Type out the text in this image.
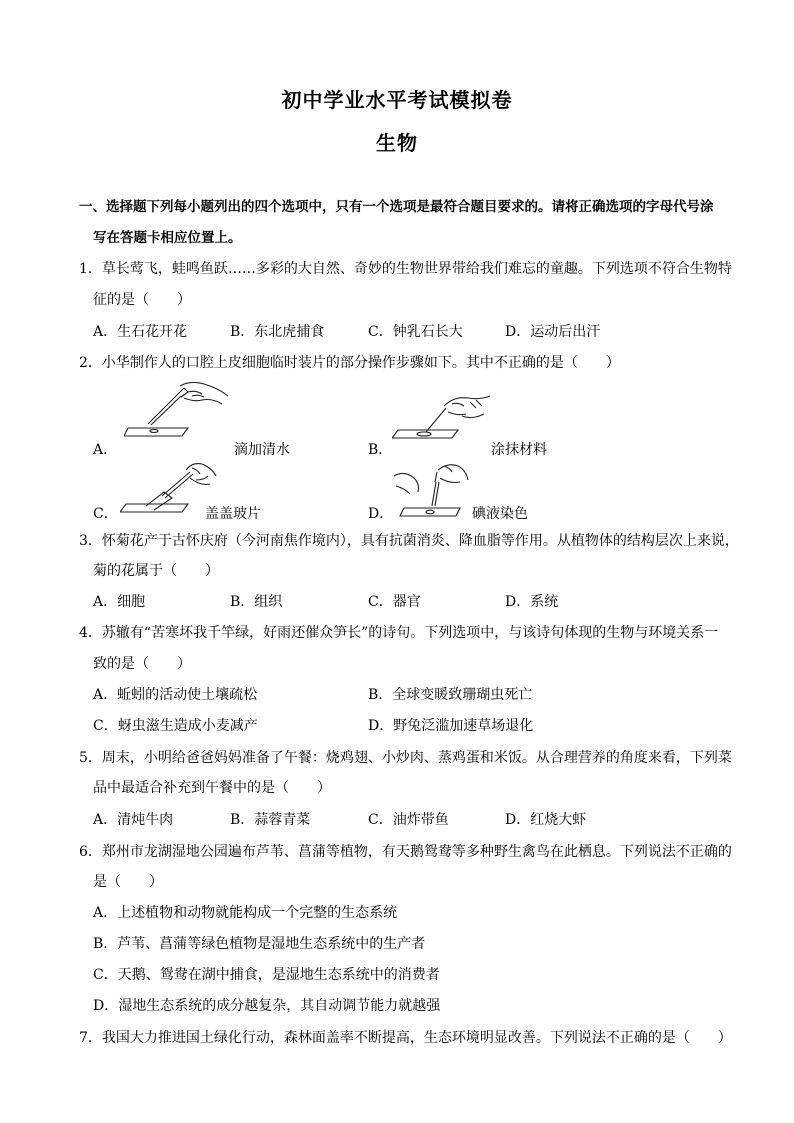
初中学业水平考试模拟卷
生物
一、选择题下列每小题列出的四个选项中，只有一个选项是最符合题目要求的。请将正确选项的字母代号涂
写在答题卡相应位置上。
1．草长莺飞，蛙鸣鱼跃……多彩的大自然、奇妙的生物世界带给我们难忘的童趣。下列选项不符合生物特
征的是（　　）
A．生石花开花	B．东北虎捕食	C．钟乳石长大	D．运动后出汗
2．小华制作人的口腔上皮细胞临时装片的部分操作步骤如下。其中不正确的是（　　）
A．	滴加清水	B．	涂抹材料
C．	盖盖玻片	D．	碘液染色
3．怀菊花产于古怀庆府（今河南焦作境内），具有抗菌消炎、降血脂等作用。从植物体的结构层次上来说，
菊的花属于（　　）
A．细胞	B．组织	C．器官	D．系统
4．苏辙有“苦寒坏我千竿绿，好雨还催众笋长”的诗句。下列选项中，与该诗句体现的生物与环境关系一
致的是（　　）
A．蚯蚓的活动使土壤疏松	B．全球变暖致珊瑚虫死亡
C．蚜虫滋生造成小麦减产	D．野兔泛滥加速草场退化
5．周末，小明给爸爸妈妈准备了午餐：烧鸡翅、小炒肉、蒸鸡蛋和米饭。从合理营养的角度来看，下列菜
品中最适合补充到午餐中的是（　　）
A．清炖牛肉	B．蒜蓉青菜	C．油炸带鱼	D．红烧大虾
6．郑州市龙湖湿地公园遍布芦苇、菖蒲等植物，有天鹅鸳鸯等多种野生禽鸟在此栖息。下列说法不正确的
是（　　）
A．上述植物和动物就能构成一个完整的生态系统
B．芦苇、菖蒲等绿色植物是湿地生态系统中的生产者
C．天鹅、鸳鸯在湖中捕食，是湿地生态系统中的消费者
D．湿地生态系统的成分越复杂，其自动调节能力就越强
7．我国大力推进国土绿化行动，森林面盖率不断提高，生态环境明显改善。下列说法不正确的是（　　）
